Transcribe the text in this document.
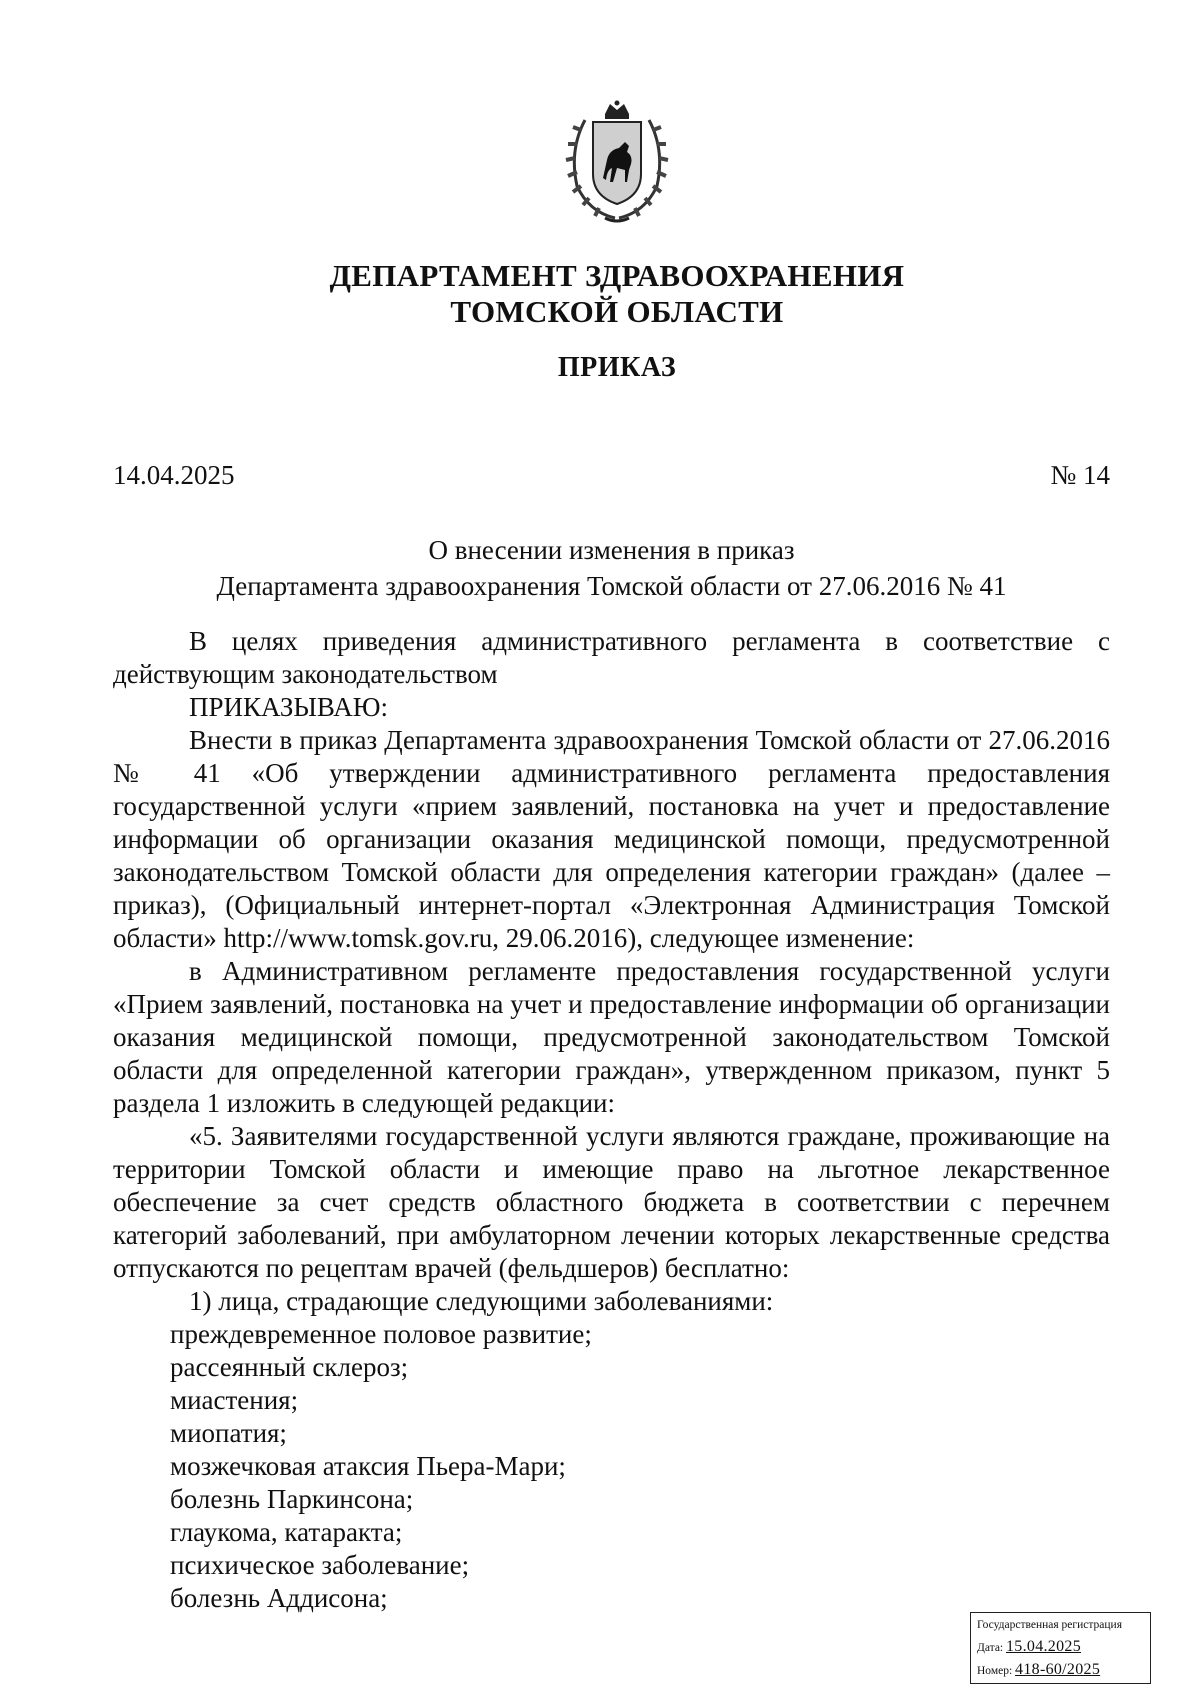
ДЕПАРТАМЕНТ ЗДРАВООХРАНЕНИЯ
ТОМСКОЙ ОБЛАСТИ
ПРИКАЗ
14.04.2025	№ 14
О внесении изменения в приказ
Департамента здравоохранения Томской области от 27.06.2016 № 41

В целях приведения административного регламента в соответствие с действующим законодательством

ПРИКАЗЫВАЮ:

Внести в приказ Департамента здравоохранения Томской области от 27.06.2016 № 41 «Об утверждении административного регламента предоставления государственной услуги «прием заявлений, постановка на учет и предоставление информации об организации оказания медицинской помощи, предусмотренной законодательством Томской области для определения категории граждан» (далее – приказ), (Официальный интернет-портал «Электронная Администрация Томской области» http://www.tomsk.gov.ru, 29.06.2016), следующее изменение:

в Административном регламенте предоставления государственной услуги «Прием заявлений, постановка на учет и предоставление информации об организации оказания медицинской помощи, предусмотренной законодательством Томской области для определенной категории граждан», утвержденном приказом, пункт 5 раздела 1 изложить в следующей редакции:

«5. Заявителями государственной услуги являются граждане, проживающие на территории Томской области и имеющие право на льготное лекарственное обеспечение за счет средств областного бюджета в соответствии с перечнем категорий заболеваний, при амбулаторном лечении которых лекарственные средства отпускаются по рецептам врачей (фельдшеров) бесплатно:

1) лица, страдающие следующими заболеваниями:

преждевременное половое развитие;
рассеянный склероз;
миастения;
миопатия;
мозжечковая атаксия Пьера-Мари;
болезнь Паркинсона;
глаукома, катаракта;
психическое заболевание;
болезнь Аддисона;
Государственная регистрация
Дата: 15.04.2025
Номер: 418-60/2025
